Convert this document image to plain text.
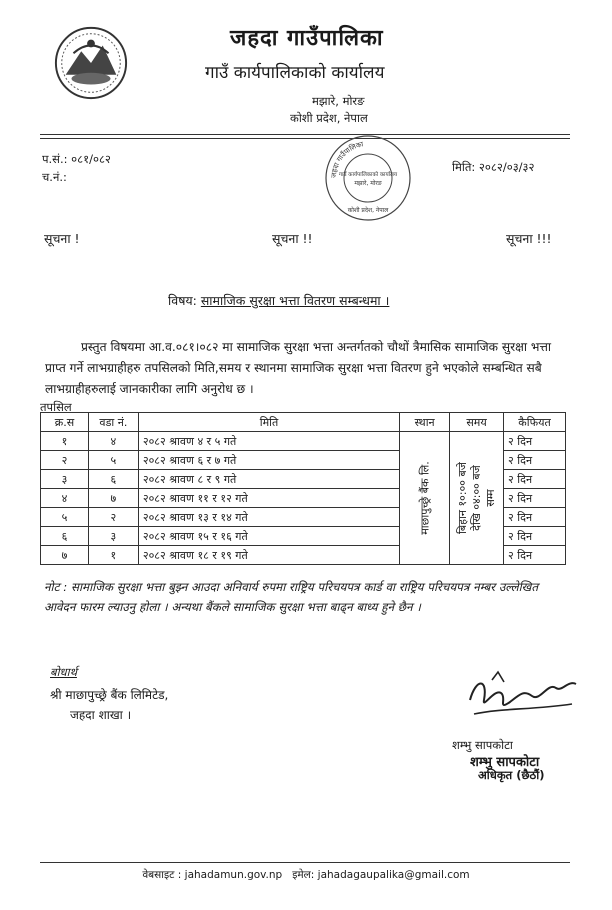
जहदा गाउँपालिका
गाउँ कार्यपालिकाको कार्यालय
मझारे, मोरङ
कोशी प्रदेश, नेपाल
प.सं.: ०८१/०८२
च.नं.:
मिति: २०८२/०३/३२
जहदा गाउँपालिका
गाउँ कार्यपालिकाको कार्यालय
मझारे, मोरङ
कोशी प्रदेश, नेपाल
सूचना !	सूचना !!	सूचना !!!
विषय: सामाजिक सुरक्षा भत्ता वितरण सम्बन्धमा ।
प्रस्तुत विषयमा आ.व.०८१।०८२ मा सामाजिक सुरक्षा भत्ता अन्तर्गतको चौथों त्रैमासिक सामाजिक सुरक्षा भत्ता प्राप्त गर्ने लाभग्राहीहरु तपसिलको मिति,समय र स्थानमा सामाजिक सुरक्षा भत्ता वितरण हुने भएकोले सम्बन्धित सबै लाभग्राहीहरुलाई जानकारीका लागि अनुरोध छ ।
तपसिल
क्र.स	वडा नं.	मिति	स्थान	समय	कैफियत
१	४	२०८२ श्रावण ४ र ५ गते	माछापुच्छ्रे बैंक लि.	बिहान १०:०० बजे देखि ०४:०० बजे सम्म	२ दिन
२	५	२०८२ श्रावण ६ र ७ गते			२ दिन
३	६	२०८२ श्रावण ८ र ९ गते			२ दिन
४	७	२०८२ श्रावण ११ र १२ गते			२ दिन
५	२	२०८२ श्रावण १३ र १४ गते			२ दिन
६	३	२०८२ श्रावण १५ र १६ गते			२ दिन
७	१	२०८२ श्रावण १८ र १९ गते			२ दिन
नोट : सामाजिक सुरक्षा भत्ता बुझ्न आउदा अनिवार्य रुपमा राष्ट्रिय परिचयपत्र कार्ड वा राष्ट्रिय परिचयपत्र नम्बर उल्लेखित आवेदन फारम ल्याउनु होला । अन्यथा बैंकले सामाजिक सुरक्षा भत्ता बाढ्न बाध्य हुने छैन ।
बोधार्थ
श्री माछापुच्छ्रे बैंक लिमिटेड,
जहदा शाखा ।
शम्भु सापकोटा
शम्भु सापकोटा
अधिकृत (छैठौं)
वेबसाइट : jahadamun.gov.np इमेल: jahadagaupalika@gmail.com
